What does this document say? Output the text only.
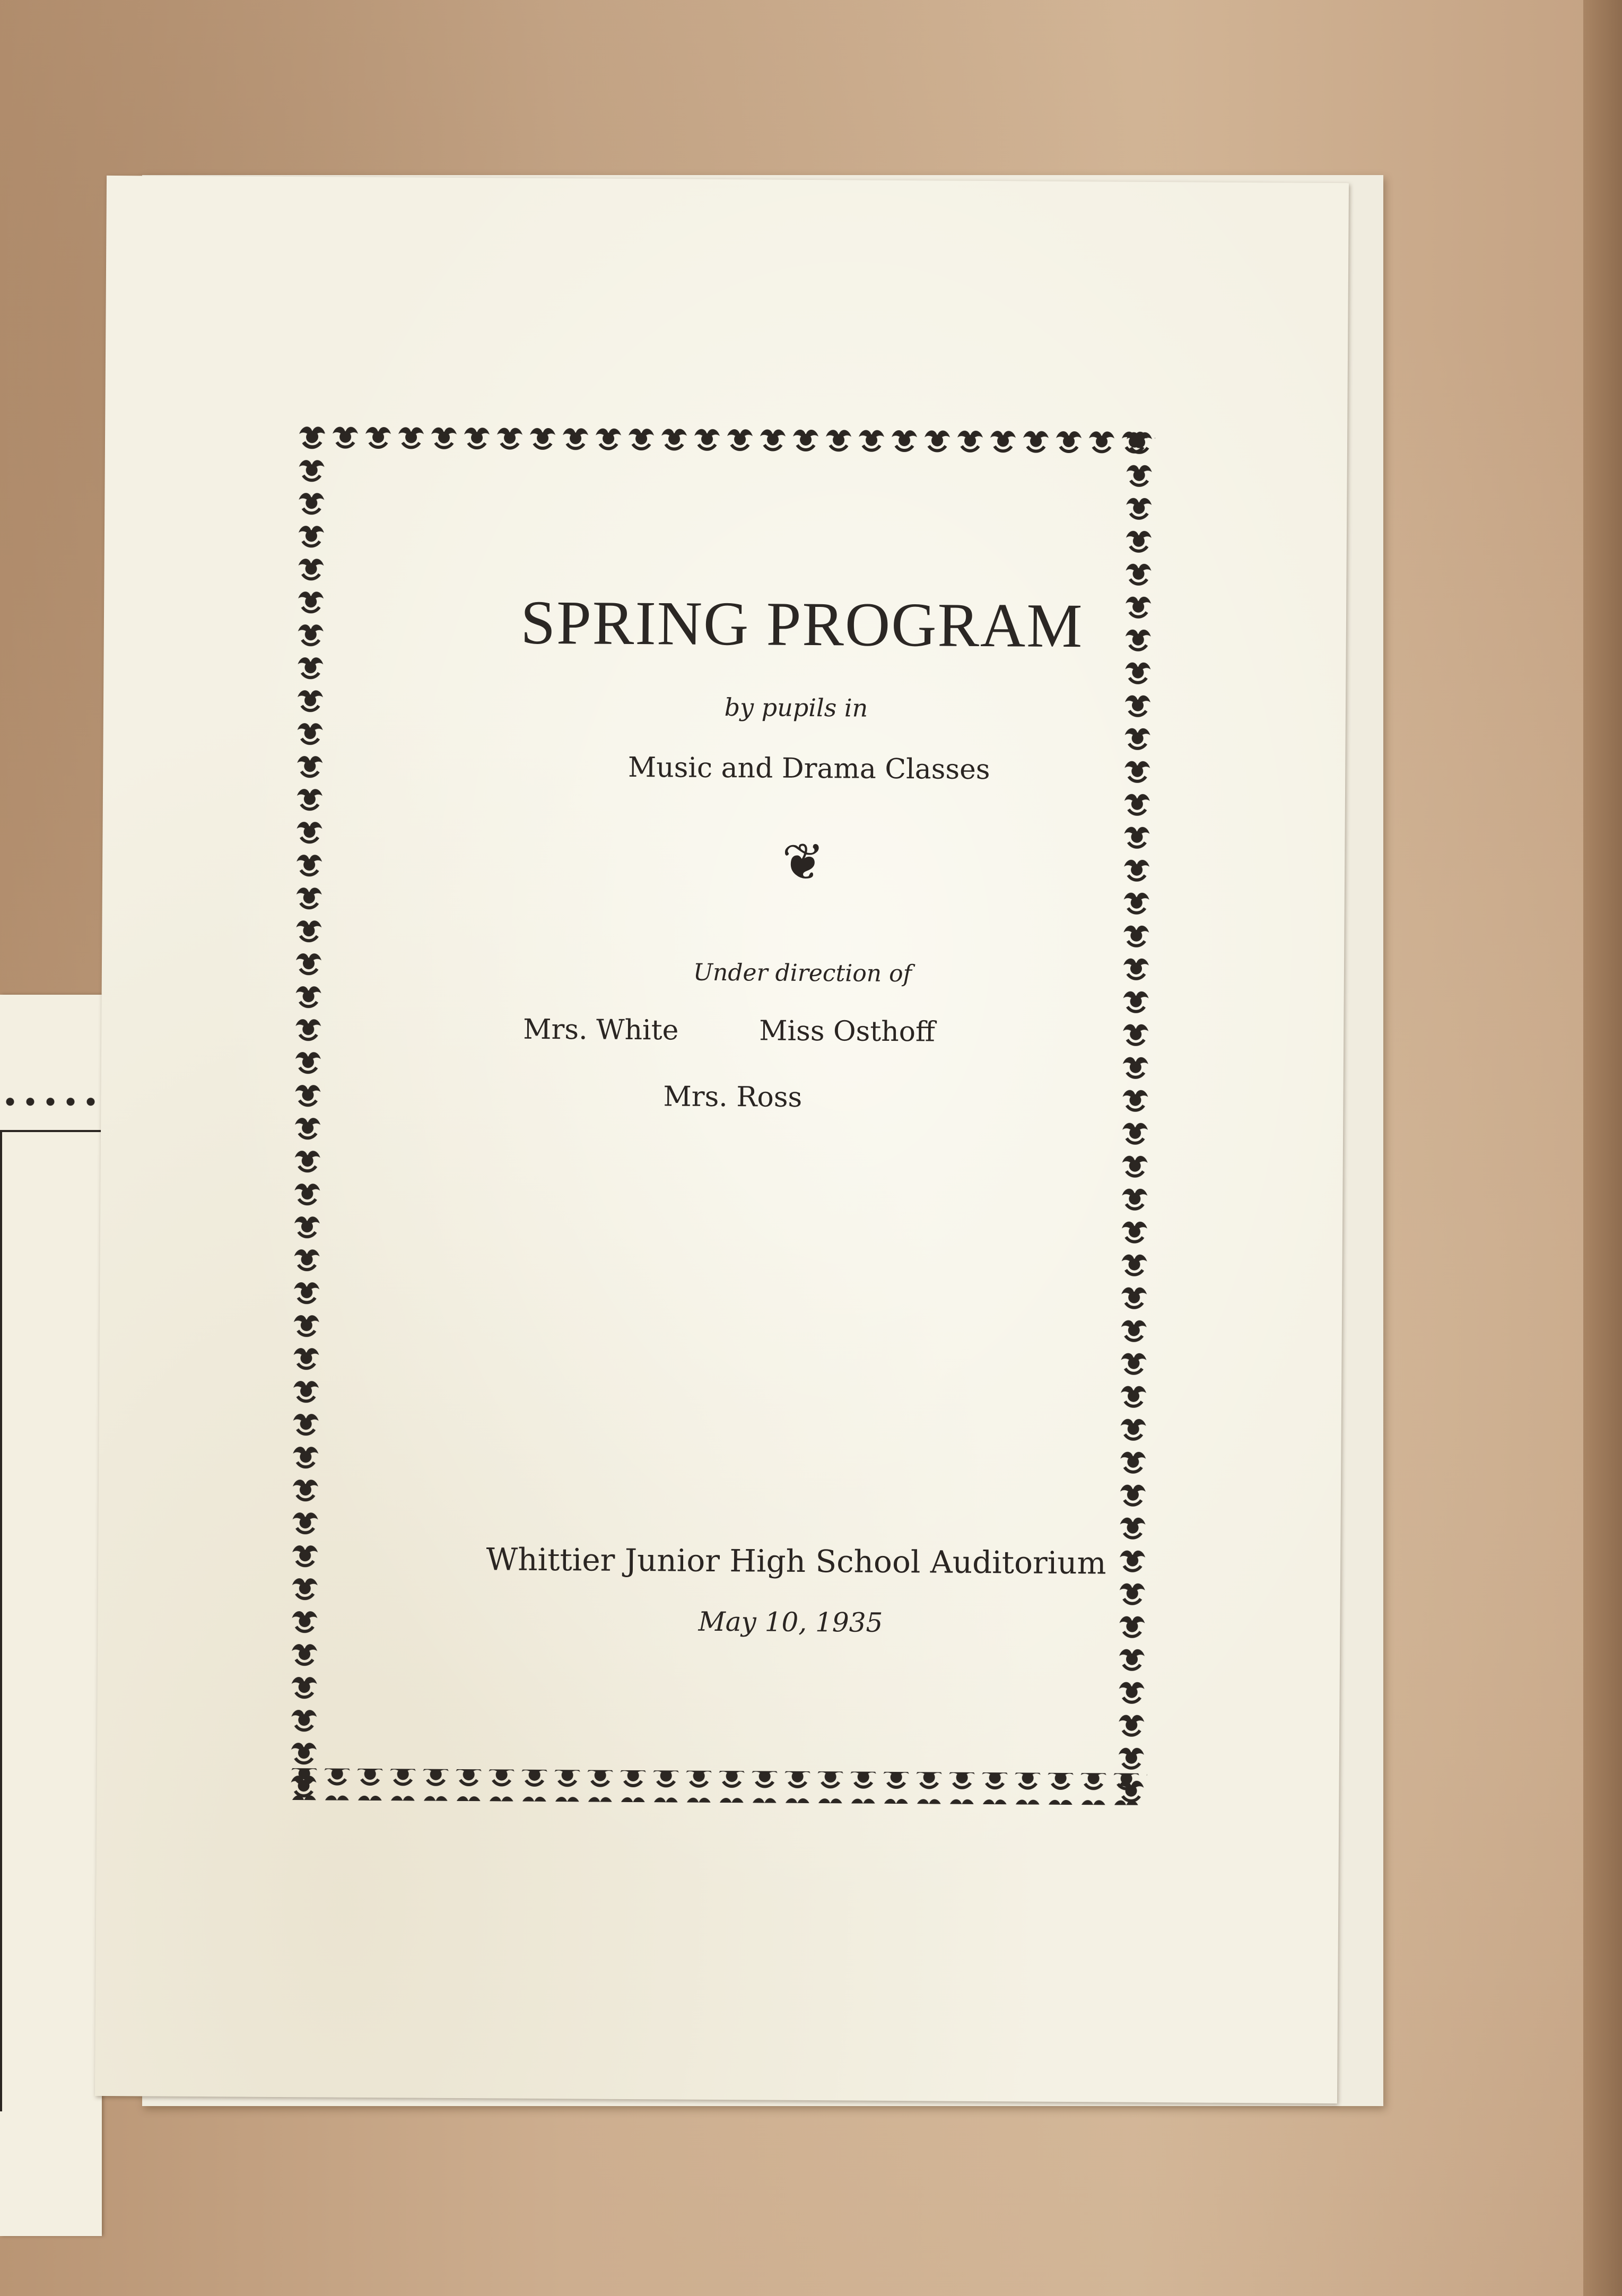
SPRING PROGRAM
by pupils in
Music and Drama Classes
❦
Under direction of
Mrs. White	Miss Osthoff
Mrs. Ross
Whittier Junior High School Auditorium
May 10, 1935
